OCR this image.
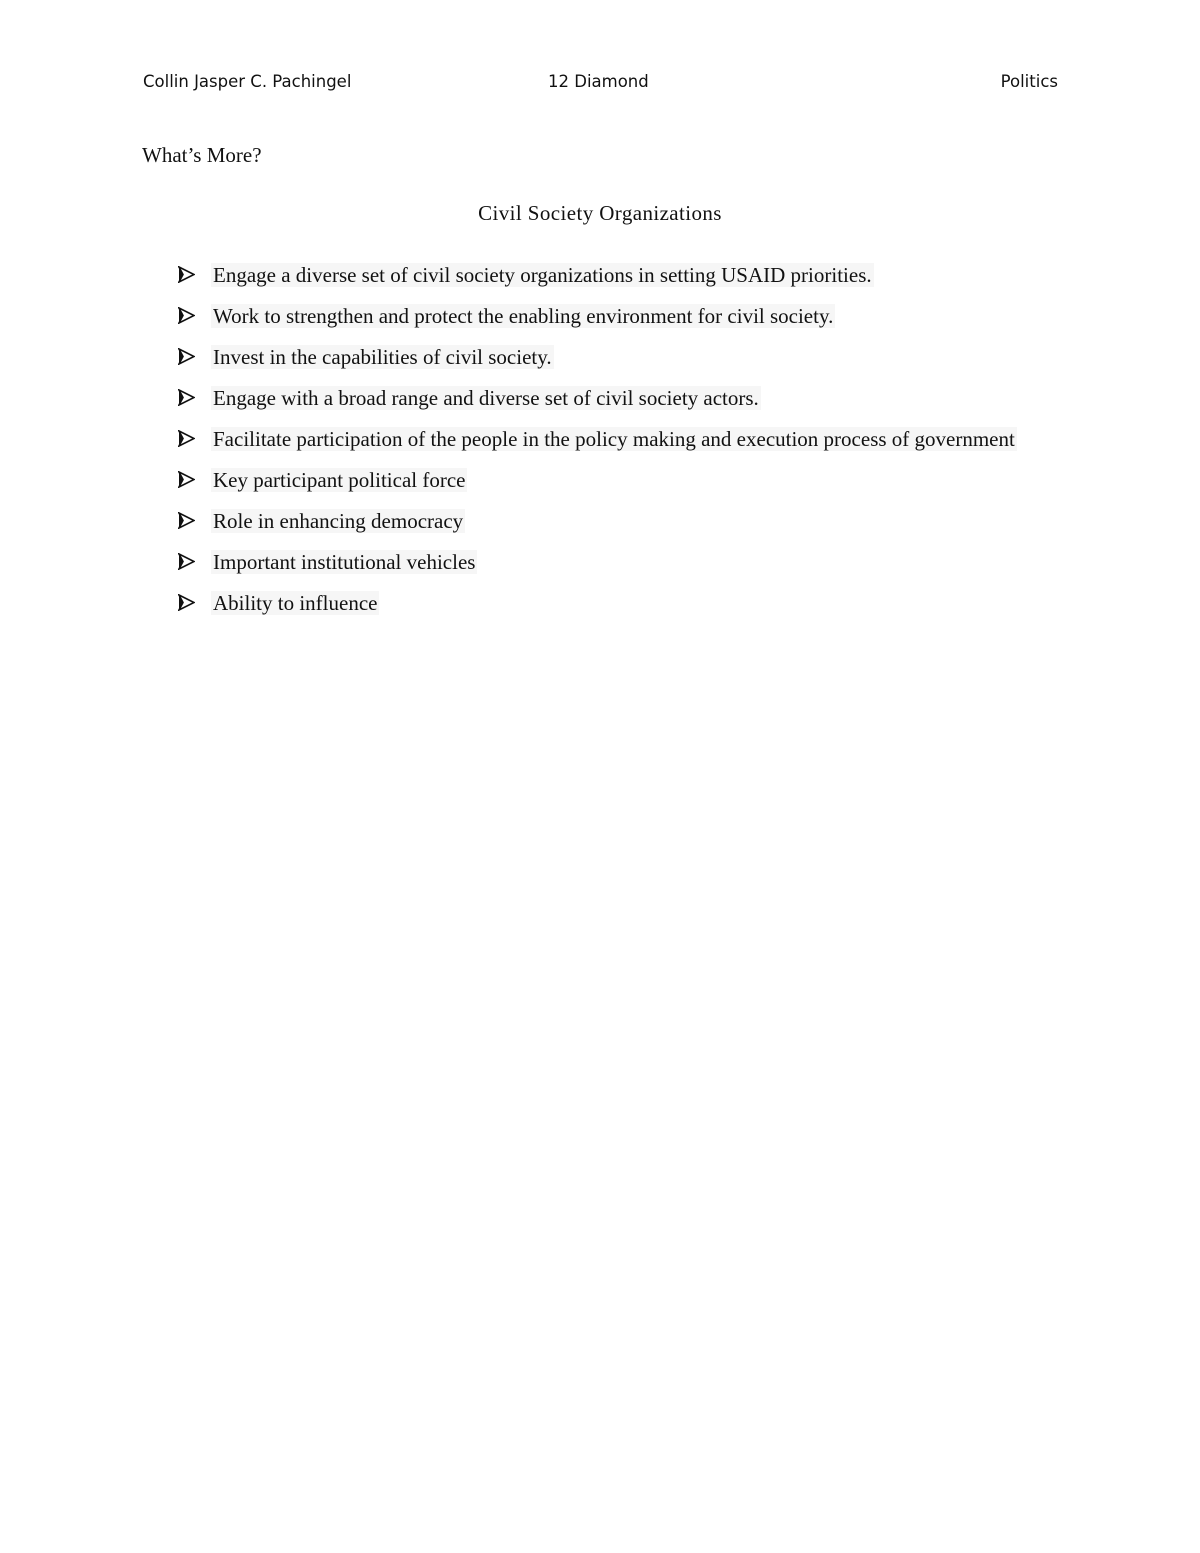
Collin Jasper C. Pachingel	12 Diamond	Politics
What’s More?
Civil Society Organizations
Engage a diverse set of civil society organizations in setting USAID priorities.
Work to strengthen and protect the enabling environment for civil society.
Invest in the capabilities of civil society.
Engage with a broad range and diverse set of civil society actors.
Facilitate participation of the people in the policy making and execution process of government
Key participant political force
Role in enhancing democracy
Important institutional vehicles
Ability to influence
